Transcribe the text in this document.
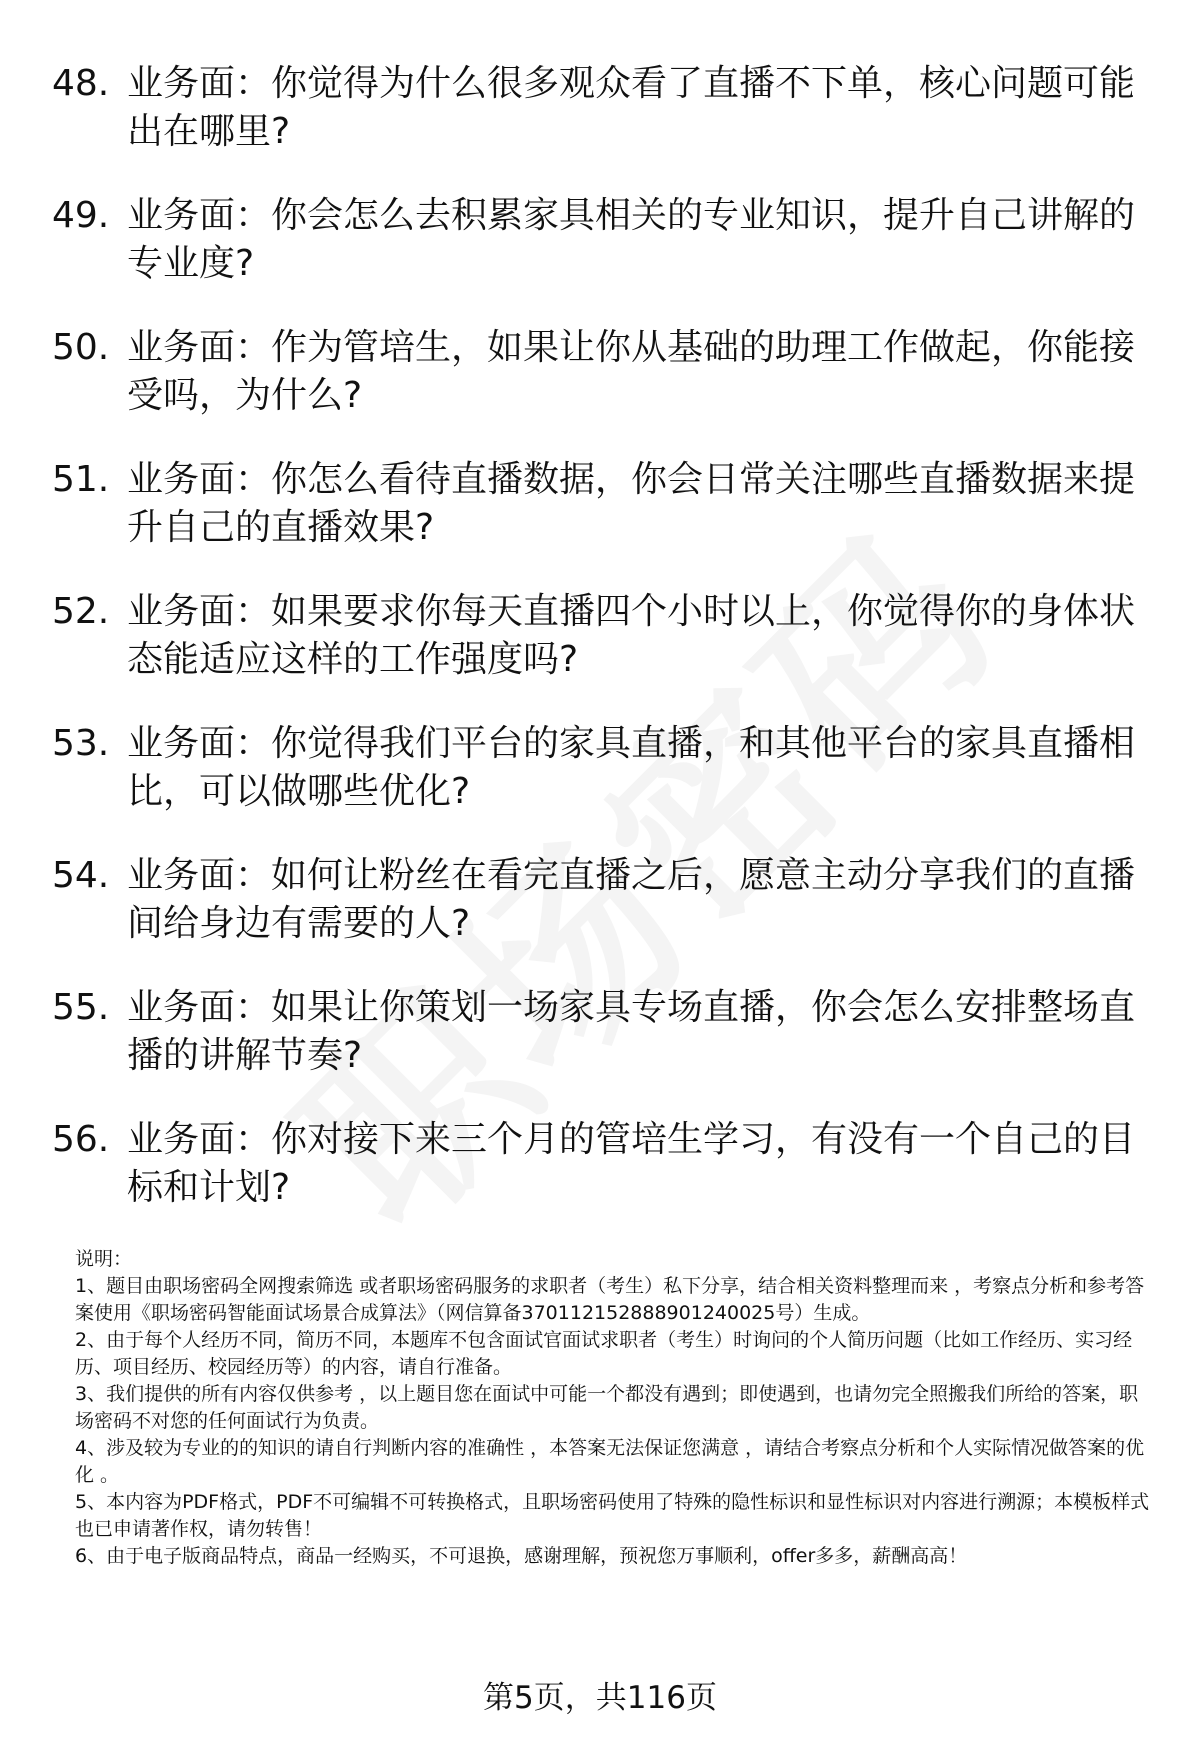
48. 业务面：你觉得为什么很多观众看了直播不下单，核心问题可能出在哪里?
49. 业务面：你会怎么去积累家具相关的专业知识，提升自己讲解的专业度?
50. 业务面：作为管培生，如果让你从基础的助理工作做起，你能接受吗，为什么?
51. 业务面：你怎么看待直播数据，你会日常关注哪些直播数据来提升自己的直播效果?
52. 业务面：如果要求你每天直播四个小时以上，你觉得你的身体状态能适应这样的工作强度吗?
53. 业务面：你觉得我们平台的家具直播，和其他平台的家具直播相比，可以做哪些优化?
54. 业务面：如何让粉丝在看完直播之后，愿意主动分享我们的直播间给身边有需要的人?
55. 业务面：如果让你策划一场家具专场直播，你会怎么安排整场直播的讲解节奏?
56. 业务面：你对接下来三个月的管培生学习，有没有一个自己的目标和计划?
说明：

1、题目由职场密码全网搜索筛选 或者职场密码服务的求职者（考生）私下分享，结合相关资料整理而来 ，考察点分析和参考答案使用《职场密码智能面试场景合成算法》（网信算备370112152888901240025号）生成。

2、由于每个人经历不同，简历不同，本题库不包含面试官面试求职者（考生）时询问的个人简历问题（比如工作经历、实习经历、项目经历、校园经历等）的内容，请自行准备。

3、我们提供的所有内容仅供参考 ，以上题目您在面试中可能一个都没有遇到；即使遇到，也请勿完全照搬我们所给的答案，职场密码不对您的任何面试行为负责。

4、涉及较为专业的的知识的请自行判断内容的准确性 ，本答案无法保证您满意 ，请结合考察点分析和个人实际情况做答案的优化 。

5、本内容为PDF格式，PDF不可编辑不可转换格式，且职场密码使用了特殊的隐性标识和显性标识对内容进行溯源；本模板样式也已申请著作权，请勿转售！

6、由于电子版商品特点，商品一经购买，不可退换，感谢理解，预祝您万事顺利，offer多多，薪酬高高！

第5页，共116页
